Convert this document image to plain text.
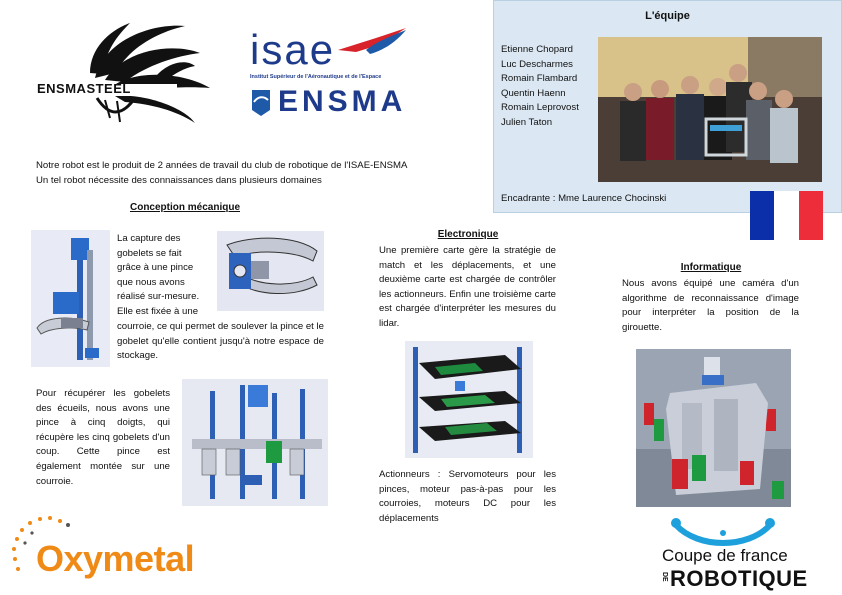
ENSMASTEEL
isae
Institut Supérieur de l'Aéronautique et de l'Espace
ENSMA
Notre robot est le produit de 2 années de travail du club de robotique de l'ISAE-ENSMA
Un tel robot nécessite des connaissances dans plusieurs domaines
L'équipe
Etienne Chopard
Luc Descharmes
Romain Flambard
Quentin Haenn
Romain Leprovost
Julien Taton
Encadrante : Mme Laurence Chocinski
Conception mécanique
La capture des
gobelets se fait
grâce à une pince
que nous avons
réalisé sur-mesure.
Elle est fixée à une
courroie, ce qui permet de soulever la pince et le gobelet qu'elle contient jusqu'à notre espace de stockage.
Pour récupérer les gobelets des écueils, nous avons une pince à cinq doigts, qui récupère les cinq gobelets d'un coup. Cette pince est également montée sur une courroie.
Electronique
Une première carte gère la stratégie de match et les déplacements, et une deuxième carte est chargée de contrôler les actionneurs. Enfin une troisième carte est chargée d'interpréter les mesures du lidar.
Actionneurs : Servomoteurs pour les pinces, moteur pas-à-pas pour les courroies, moteurs DC pour les déplacements
Informatique
Nous avons équipé une caméra d'un algorithme de reconnaissance d'image pour interpréter la position de la girouette.
Oxymetal	Coupe de france
DE ROBOTIQUE
